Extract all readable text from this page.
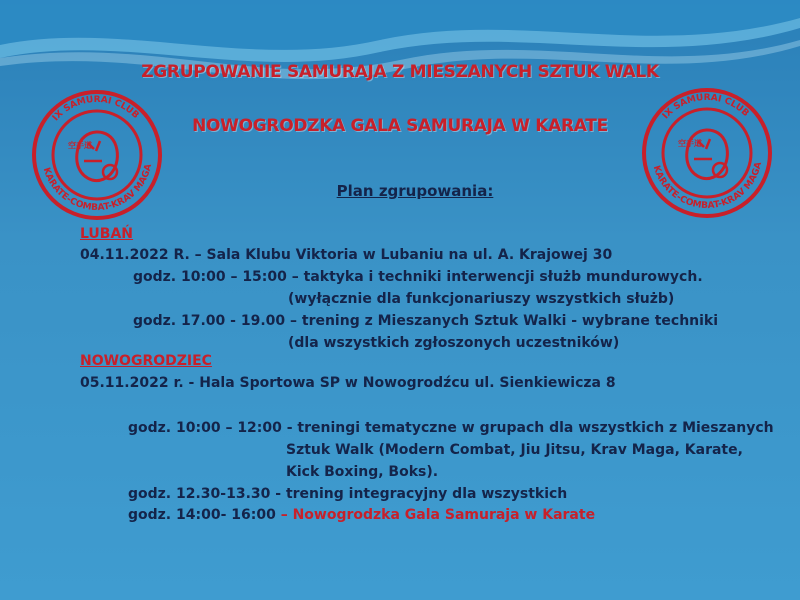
ZGRUPOWANIE SAMURAJA Z MIESZANYCH SZTUK WALK
NOWOGRODZKA GALA SAMURAJA W KARATE
空手道
IX SAMURAI CLUB
KARATE-COMBAT-KRAV MAGA
空手道
IX SAMURAI CLUB
KARATE-COMBAT-KRAV MAGA
Plan zgrupowania:
LUBAŃ
04.11.2022 R. – Sala Klubu Viktoria w Lubaniu na ul. A. Krajowej 30
godz. 10:00 – 15:00 – taktyka i techniki interwencji służb mundurowych.
(wyłącznie dla funkcjonariuszy wszystkich służb)
godz. 17.00 - 19.00 – trening z Mieszanych Sztuk Walki - wybrane techniki
(dla wszystkich zgłoszonych uczestników)
NOWOGRODZIEC
05.11.2022 r. - Hala Sportowa SP w Nowogrodźcu ul. Sienkiewicza 8
godz. 10:00 – 12:00 - treningi tematyczne w grupach dla wszystkich z Mieszanych
Sztuk Walk (Modern Combat, Jiu Jitsu, Krav Maga, Karate,
Kick Boxing, Boks).
godz. 12.30-13.30 - trening integracyjny dla wszystkich
godz. 14:00- 16:00 – Nowogrodzka Gala Samuraja w Karate
